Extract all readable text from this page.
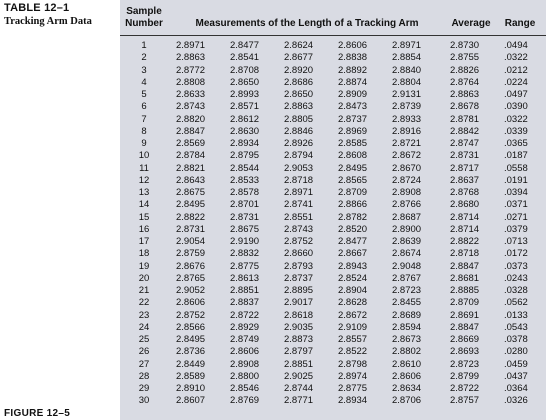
TABLE 12–1
Tracking Arm Data
Sample
Number	Measurements of the Length of a Tracking Arm	Average	Range
1	2.8971	2.8477	2.8624	2.8606	2.8971	2.8730	.0494
2	2.8863	2.8541	2.8677	2.8838	2.8854	2.8755	.0322
3	2.8772	2.8708	2.8920	2.8892	2.8840	2.8826	.0212
4	2.8808	2.8650	2.8686	2.8874	2.8804	2.8764	.0224
5	2.8633	2.8993	2.8650	2.8909	2.9131	2.8863	.0497
6	2.8743	2.8571	2.8863	2.8473	2.8739	2.8678	.0390
7	2.8820	2.8612	2.8805	2.8737	2.8933	2.8781	.0322
8	2.8847	2.8630	2.8846	2.8969	2.8916	2.8842	.0339
9	2.8569	2.8934	2.8926	2.8585	2.8721	2.8747	.0365
10	2.8784	2.8795	2.8794	2.8608	2.8672	2.8731	.0187
11	2.8821	2.8544	2.9053	2.8495	2.8670	2.8717	.0558
12	2.8643	2.8533	2.8718	2.8565	2.8724	2.8637	.0191
13	2.8675	2.8578	2.8971	2.8709	2.8908	2.8768	.0394
14	2.8495	2.8701	2.8741	2.8866	2.8766	2.8680	.0371
15	2.8822	2.8731	2.8551	2.8782	2.8687	2.8714	.0271
16	2.8731	2.8675	2.8743	2.8520	2.8900	2.8714	.0379
17	2.9054	2.9190	2.8752	2.8477	2.8639	2.8822	.0713
18	2.8759	2.8832	2.8660	2.8667	2.8674	2.8718	.0172
19	2.8676	2.8775	2.8793	2.8943	2.9048	2.8847	.0373
20	2.8765	2.8613	2.8737	2.8524	2.8767	2.8681	.0243
21	2.9052	2.8851	2.8895	2.8904	2.8723	2.8885	.0328
22	2.8606	2.8837	2.9017	2.8628	2.8455	2.8709	.0562
23	2.8752	2.8722	2.8618	2.8672	2.8689	2.8691	.0133
24	2.8566	2.8929	2.9035	2.9109	2.8594	2.8847	.0543
25	2.8495	2.8749	2.8873	2.8557	2.8673	2.8669	.0378
26	2.8736	2.8606	2.8797	2.8522	2.8802	2.8693	.0280
27	2.8449	2.8908	2.8851	2.8798	2.8610	2.8723	.0459
28	2.8589	2.8800	2.9025	2.8974	2.8606	2.8799	.0437
29	2.8910	2.8546	2.8744	2.8775	2.8634	2.8722	.0364
30	2.8607	2.8769	2.8771	2.8934	2.8706	2.8757	.0326
FIGURE 12–5
